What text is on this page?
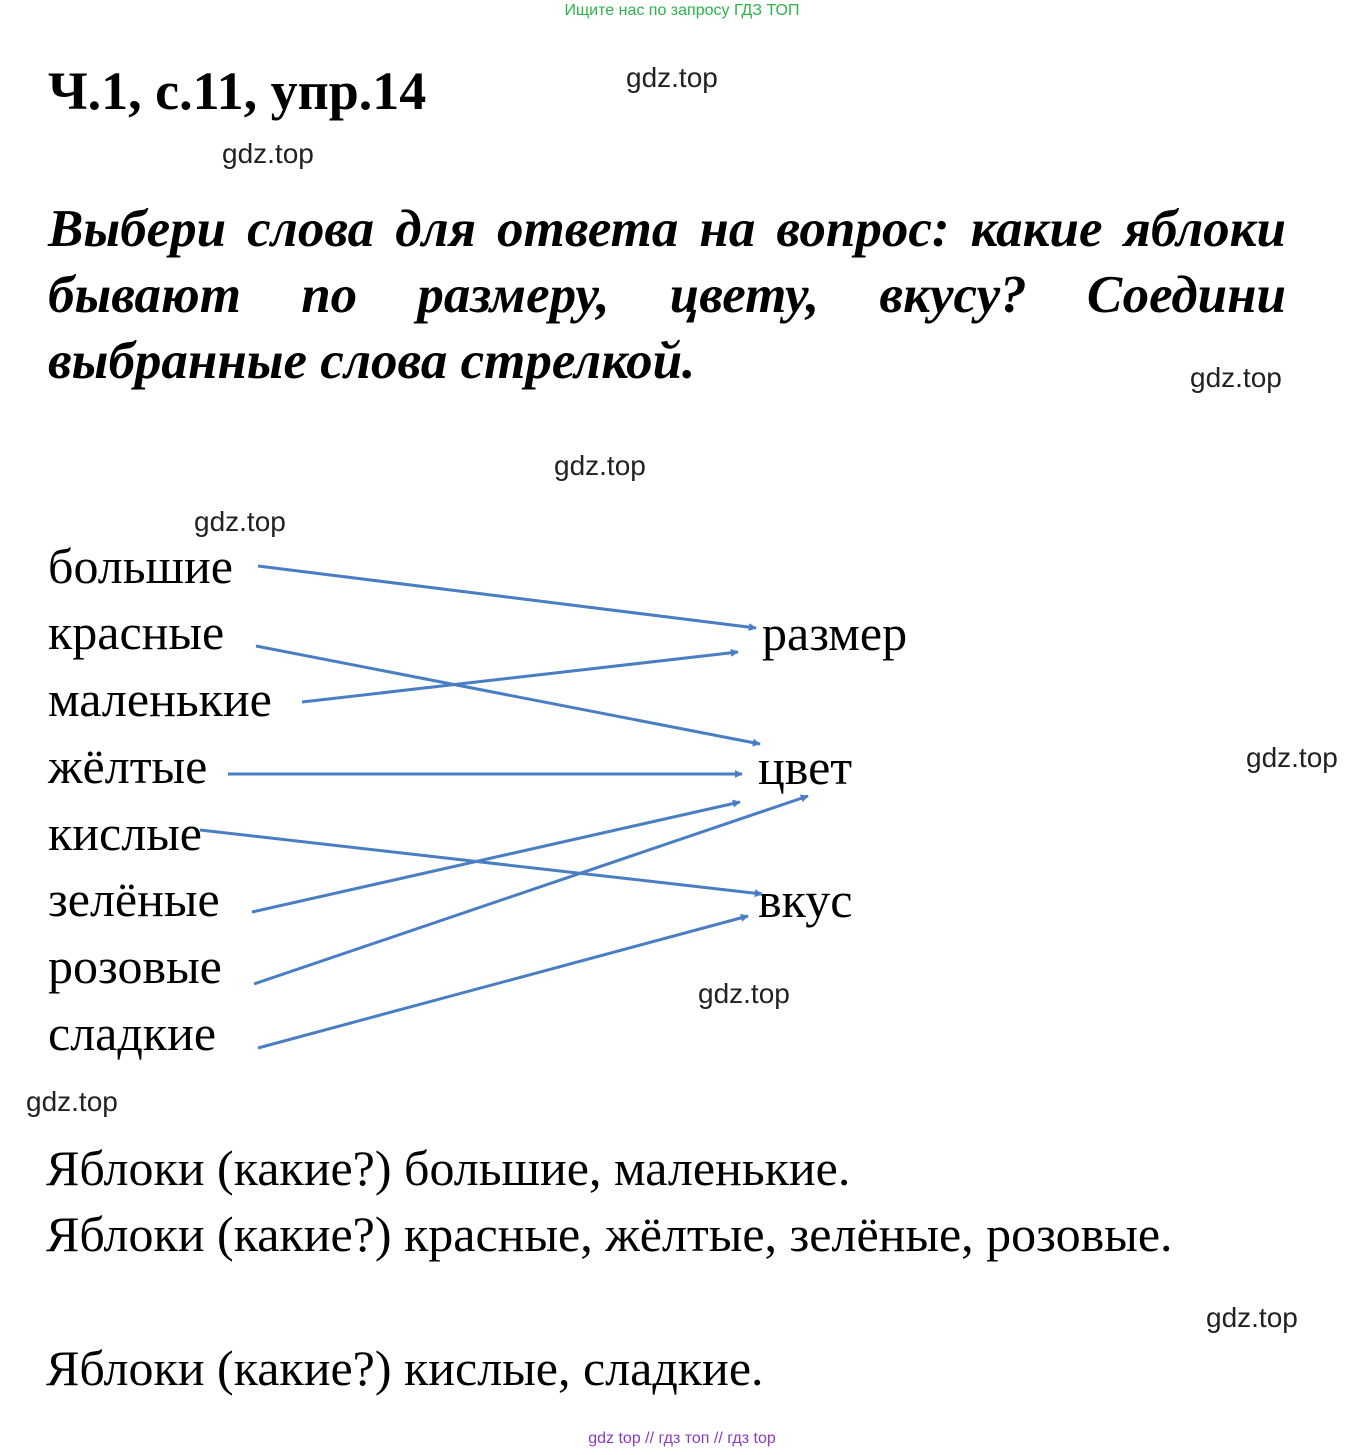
Ищите нас по запросу ГДЗ ТОП
Ч.1, с.11, упр.14	gdz.top
gdz.top
Выбери слова для ответа на вопрос: какие яблоки бывают по размеру, цвету, вкусу? Соедини выбранные слова стрелкой.	gdz.top
gdz.top
gdz.top
большие
красные
маленькие
жёлтые
кислые
зелёные
розовые
сладкие
размер
цвет
вкус
gdz.top
gdz.top
gdz.top
Яблоки (какие?) большие, маленькие.
Яблоки (какие?) красные, жёлтые, зелёные, розовые.
Яблоки (какие?) кислые, сладкие.
gdz.top
gdz top // гдз топ // гдз top
